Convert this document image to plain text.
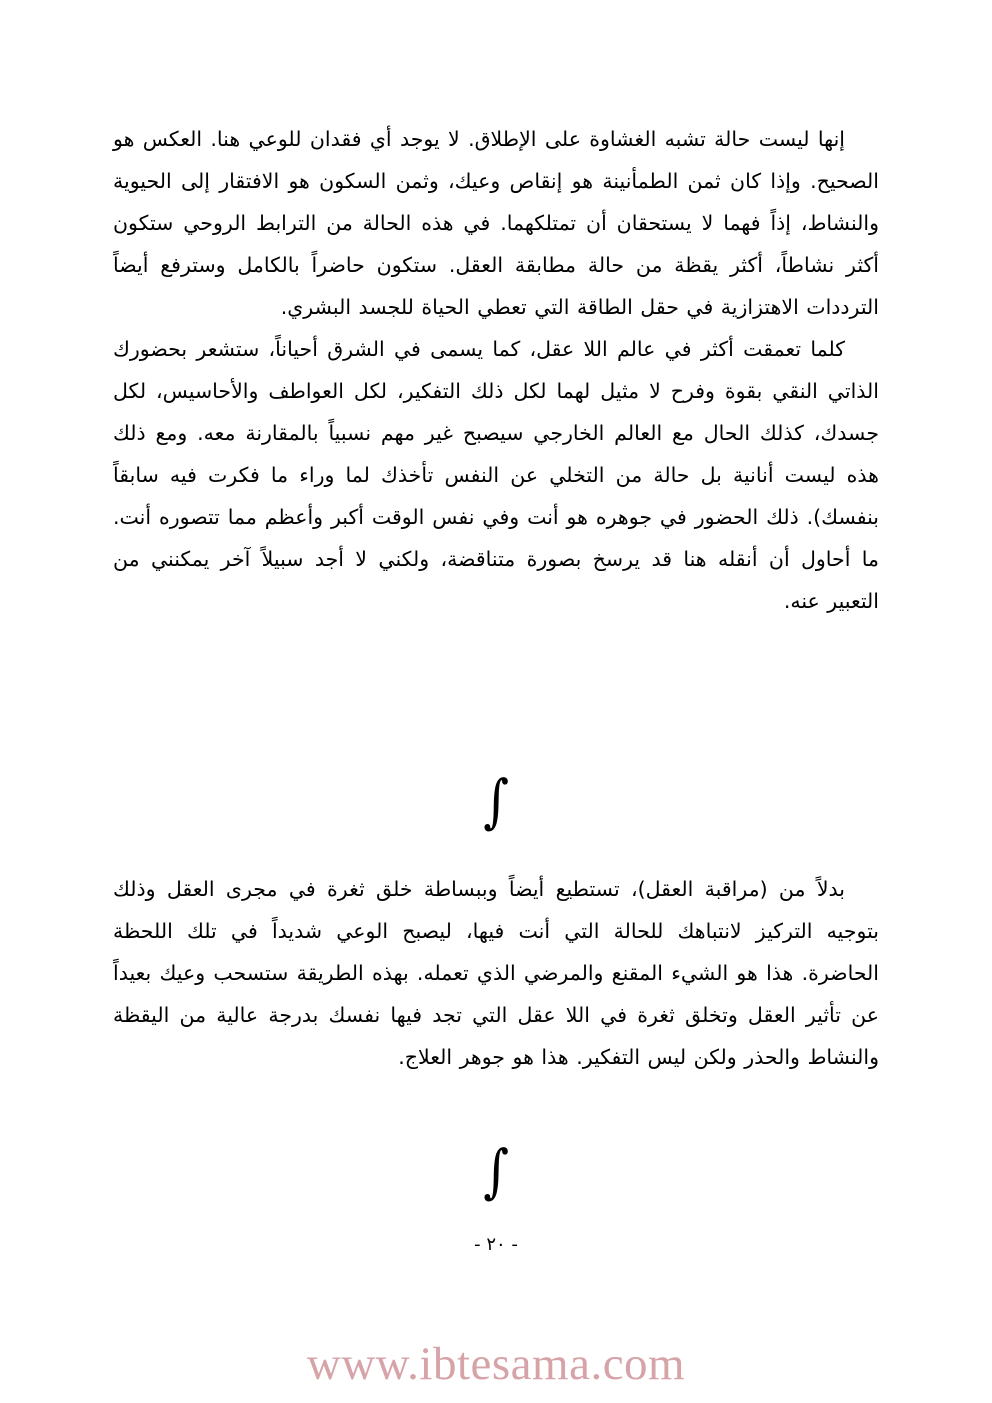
إنها ليست حالة تشبه الغشاوة على الإطلاق. لا يوجد أي فقدان للوعي هنا. العكس هو الصحيح. وإذا كان ثمن الطمأنينة هو إنقاص وعيك، وثمن السكون هو الافتقار إلى الحيوية والنشاط، إذاً فهما لا يستحقان أن تمتلكهما. في هذه الحالة من الترابط الروحي ستكون أكثر نشاطاً، أكثر يقظة من حالة مطابقة العقل. ستكون حاضراً بالكامل وسترفع أيضاً الترددات الاهتزازية في حقل الطاقة التي تعطي الحياة للجسد البشري.

كلما تعمقت أكثر في عالم اللا عقل، كما يسمى في الشرق أحياناً، ستشعر بحضورك الذاتي النقي بقوة وفرح لا مثيل لهما لكل ذلك التفكير، لكل العواطف والأحاسيس، لكل جسدك، كذلك الحال مع العالم الخارجي سيصبح غير مهم نسبياً بالمقارنة معه. ومع ذلك هذه ليست أنانية بل حالة من التخلي عن النفس تأخذك لما وراء ما فكرت فيه سابقاً بنفسك). ذلك الحضور في جوهره هو أنت وفي نفس الوقت أكبر وأعظم مما تتصوره أنت. ما أحاول أن أنقله هنا قد يرسخ بصورة متناقضة، ولكني لا أجد سبيلاً آخر يمكنني من التعبير عنه.

∫

بدلاً من (مراقبة العقل)، تستطيع أيضاً وببساطة خلق ثغرة في مجرى العقل وذلك بتوجيه التركيز لانتباهك للحالة التي أنت فيها، ليصبح الوعي شديداً في تلك اللحظة الحاضرة. هذا هو الشيء المقنع والمرضي الذي تعمله. بهذه الطريقة ستسحب وعيك بعيداً عن تأثير العقل وتخلق ثغرة في اللا عقل التي تجد فيها نفسك بدرجة عالية من اليقظة والنشاط والحذر ولكن ليس التفكير. هذا هو جوهر العلاج.

∫
- ٢٠ -
www.ibtesama.com
